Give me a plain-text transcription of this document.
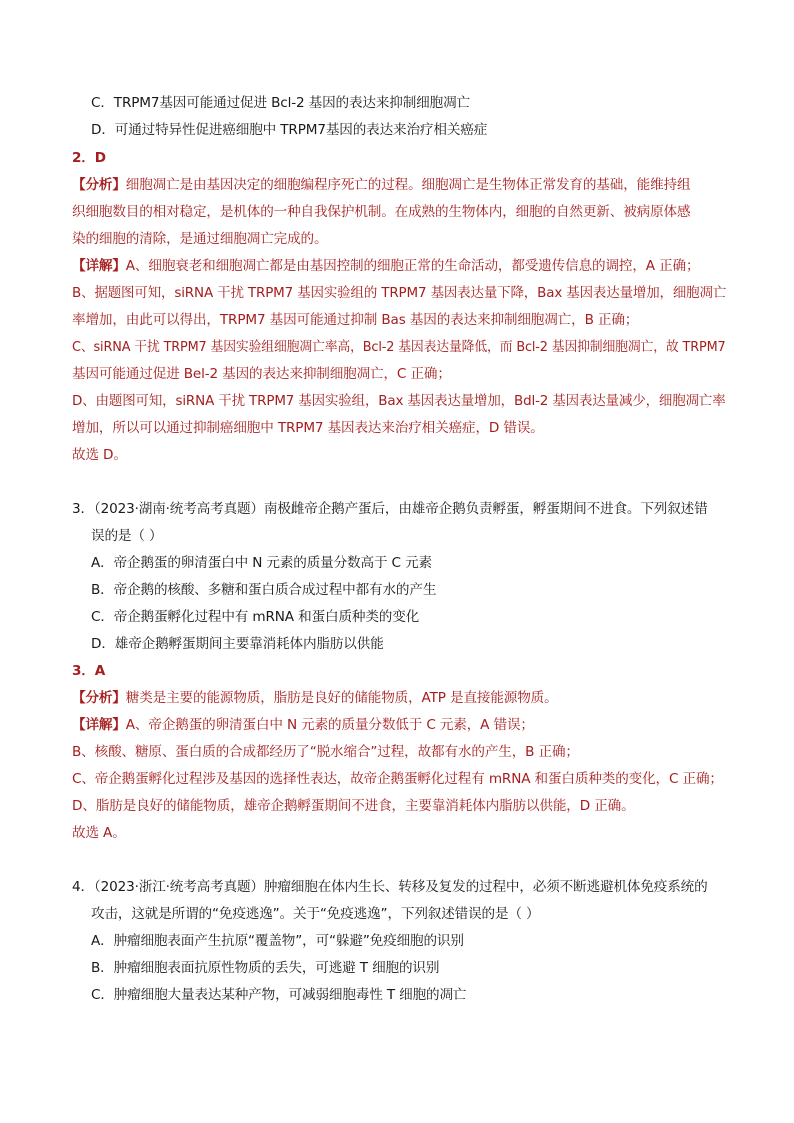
C．TRPM7基因可能通过促进 Bcl-2 基因的表达来抑制细胞凋亡
D．可通过特异性促进癌细胞中 TRPM7基因的表达来治疗相关癌症
2．D
【分析】细胞凋亡是由基因决定的细胞编程序死亡的过程。细胞凋亡是生物体正常发育的基础，能维持组
织细胞数目的相对稳定，是机体的一种自我保护机制。在成熟的生物体内，细胞的自然更新、被病原体感
染的细胞的清除，是通过细胞凋亡完成的。
【详解】A、细胞衰老和细胞凋亡都是由基因控制的细胞正常的生命活动，都受遗传信息的调控，A 正确；
B、据题图可知，siRNA 干扰 TRPM7 基因实验组的 TRPM7 基因表达量下降，Bax 基因表达量增加，细胞凋亡
率增加，由此可以得出，TRPM7 基因可能通过抑制 Bas 基因的表达来抑制细胞凋亡，B 正确；
C、siRNA 干扰 TRPM7 基因实验组细胞凋亡率高，Bcl-2 基因表达量降低，而 Bcl-2 基因抑制细胞凋亡，故 TRPM7
基因可能通过促进 Bel-2 基因的表达来抑制细胞凋亡，C 正确；
D、由题图可知，siRNA 干扰 TRPM7 基因实验组，Bax 基因表达量增加，Bdl-2 基因表达量减少，细胞凋亡率
增加，所以可以通过抑制癌细胞中 TRPM7 基因表达来治疗相关癌症，D 错误。
故选 D。
3．（2023·湖南·统考高考真题）南极雌帝企鹅产蛋后，由雄帝企鹅负责孵蛋，孵蛋期间不进食。下列叙述错
误的是（ ）
A．帝企鹅蛋的卵清蛋白中 N 元素的质量分数高于 C 元素
B．帝企鹅的核酸、多糖和蛋白质合成过程中都有水的产生
C．帝企鹅蛋孵化过程中有 mRNA 和蛋白质种类的变化
D．雄帝企鹅孵蛋期间主要靠消耗体内脂肪以供能
3．A
【分析】糖类是主要的能源物质，脂肪是良好的储能物质，ATP 是直接能源物质。
【详解】A、帝企鹅蛋的卵清蛋白中 N 元素的质量分数低于 C 元素，A 错误；
B、核酸、糖原、蛋白质的合成都经历了“脱水缩合”过程，故都有水的产生，B 正确；
C、帝企鹅蛋孵化过程涉及基因的选择性表达，故帝企鹅蛋孵化过程有 mRNA 和蛋白质种类的变化，C 正确；
D、脂肪是良好的储能物质，雄帝企鹅孵蛋期间不进食，主要靠消耗体内脂肪以供能，D 正确。
故选 A。
4．（2023·浙江·统考高考真题）肿瘤细胞在体内生长、转移及复发的过程中，必须不断逃避机体免疫系统的
攻击，这就是所谓的“免疫逃逸”。关于“免疫逃逸”，下列叙述错误的是（ ）
A．肿瘤细胞表面产生抗原“覆盖物”，可“躲避”免疫细胞的识别
B．肿瘤细胞表面抗原性物质的丢失，可逃避 T 细胞的识别
C．肿瘤细胞大量表达某种产物，可减弱细胞毒性 T 细胞的凋亡
